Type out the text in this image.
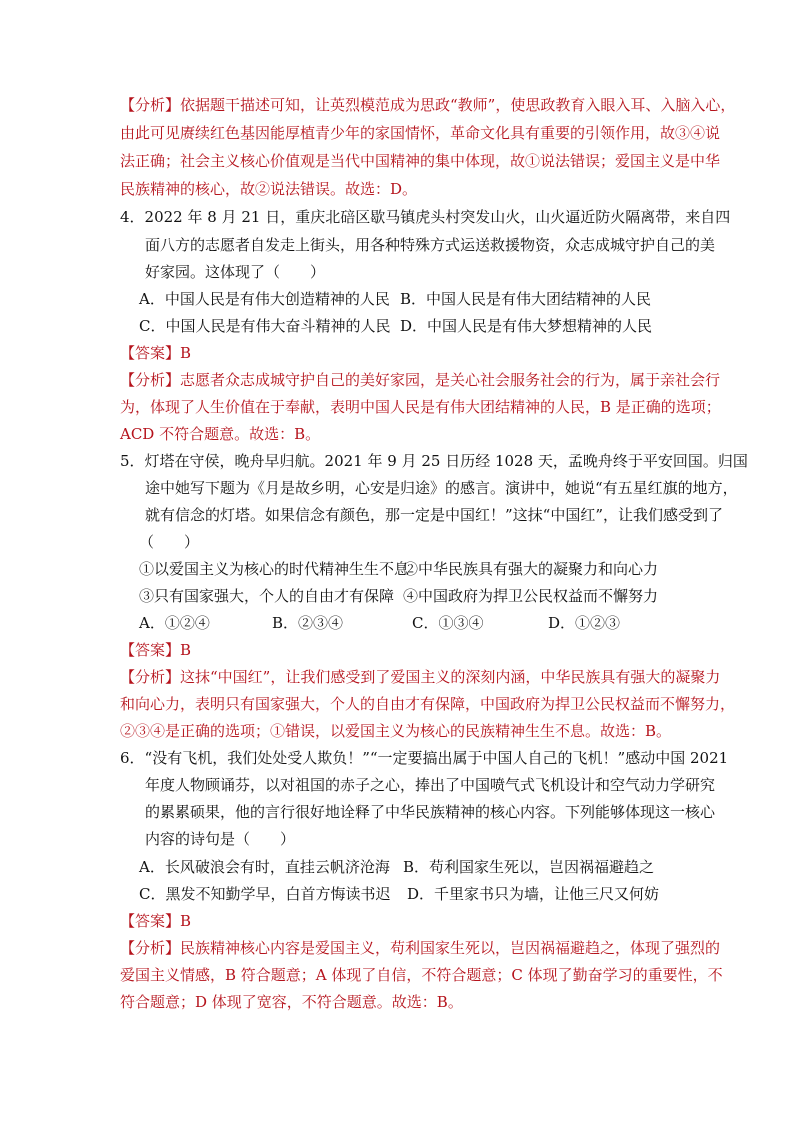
【分析】依据题干描述可知，让英烈模范成为思政“教师”，使思政教育入眼入耳、入脑入心，
由此可见赓续红色基因能厚植青少年的家国情怀，革命文化具有重要的引领作用，故③④说
法正确；社会主义核心价值观是当代中国精神的集中体现，故①说法错误；爱国主义是中华
民族精神的核心，故②说法错误。故选：D。
4．2022 年 8 月 21 日，重庆北碚区歇马镇虎头村突发山火，山火逼近防火隔离带，来自四
面八方的志愿者自发走上街头，用各种特殊方式运送救援物资，众志成城守护自己的美
好家园。这体现了（　　）
A．中国人民是有伟大创造精神的人民 B．中国人民是有伟大团结精神的人民
C．中国人民是有伟大奋斗精神的人民 D．中国人民是有伟大梦想精神的人民
【答案】B
【分析】志愿者众志成城守护自己的美好家园，是关心社会服务社会的行为，属于亲社会行
为，体现了人生价值在于奉献，表明中国人民是有伟大团结精神的人民，B 是正确的选项；
ACD 不符合题意。故选：B。
5．灯塔在守侯，晚舟早归航。2021 年 9 月 25 日历经 1028 天，孟晚舟终于平安回国。归国
途中她写下题为《月是故乡明，心安是归途》的感言。演讲中，她说“有五星红旗的地方，
就有信念的灯塔。如果信念有颜色，那一定是中国红！”这抹“中国红”，让我们感受到了
（　　）
①以爱国主义为核心的时代精神生生不息
②中华民族具有强大的凝聚力和向心力
③只有国家强大，个人的自由才有保障 ④中国政府为捍卫公民权益而不懈努力
A．①②④	B．②③④	C．①③④	D．①②③
【答案】B
【分析】这抹“中国红”，让我们感受到了爱国主义的深刻内涵，中华民族具有强大的凝聚力
和向心力，表明只有国家强大，个人的自由才有保障，中国政府为捍卫公民权益而不懈努力，
②③④是正确的选项；①错误，以爱国主义为核心的民族精神生生不息。故选：B。
6．“没有飞机，我们处处受人欺负！”“一定要搞出属于中国人自己的飞机！”感动中国 2021
年度人物顾诵芬，以对祖国的赤子之心，捧出了中国喷气式飞机设计和空气动力学研究
的累累硕果，他的言行很好地诠释了中华民族精神的核心内容。下列能够体现这一核心
内容的诗句是（　　）
A．长风破浪会有时，直挂云帆济沧海 B．苟利国家生死以，岂因祸福避趋之
C．黑发不知勤学早，白首方悔读书迟 D．千里家书只为墙，让他三尺又何妨
【答案】B
【分析】民族精神核心内容是爱国主义，苟利国家生死以，岂因祸福避趋之，体现了强烈的
爱国主义情感，B 符合题意；A 体现了自信，不符合题意；C 体现了勤奋学习的重要性，不
符合题意；D 体现了宽容，不符合题意。故选：B。
